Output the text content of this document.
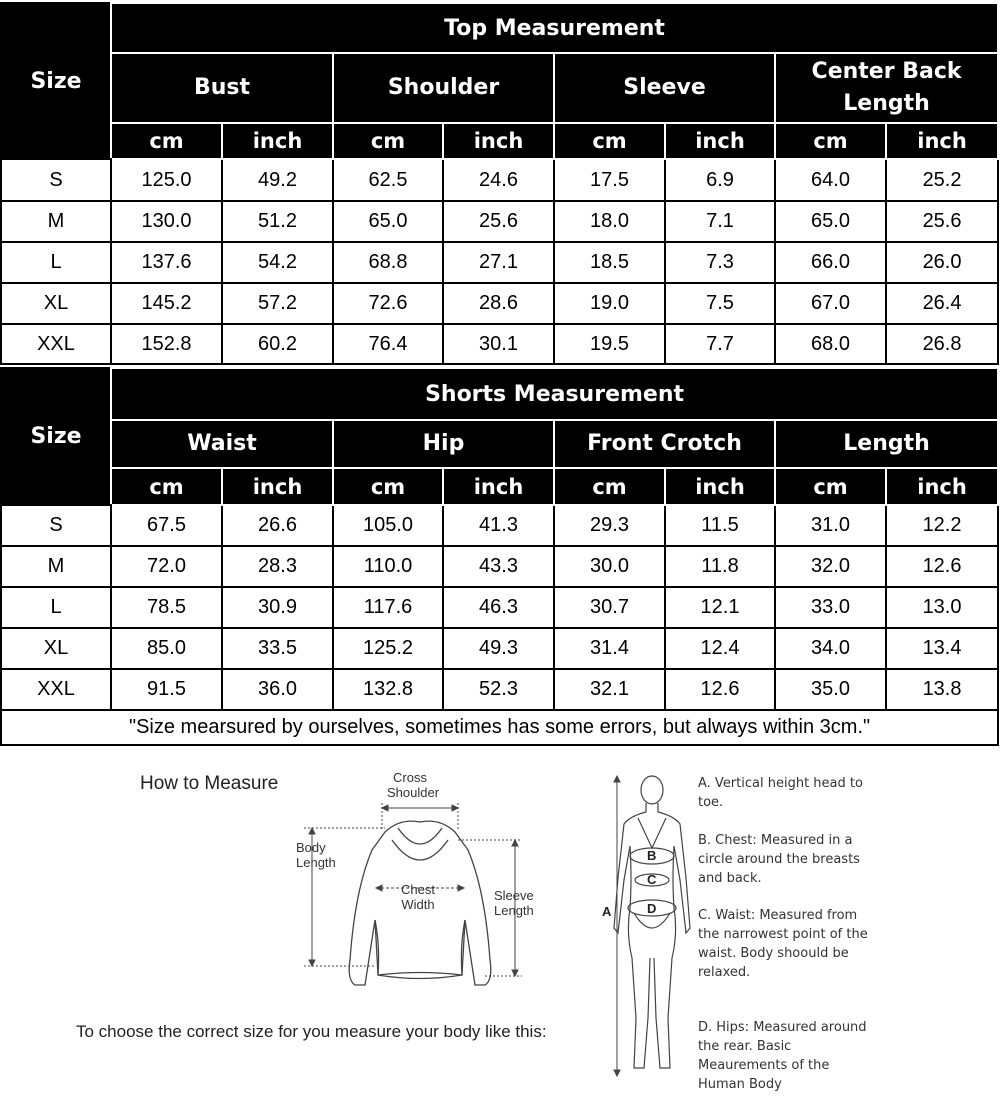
Size	Top Measurement							
	Bust		Shoulder		Sleeve		Center Back Length	
	cm	inch	cm	inch	cm	inch	cm	inch
S	125.0	49.2	62.5	24.6	17.5	6.9	64.0	25.2
M	130.0	51.2	65.0	25.6	18.0	7.1	65.0	25.6
L	137.6	54.2	68.8	27.1	18.5	7.3	66.0	26.0
XL	145.2	57.2	72.6	28.6	19.0	7.5	67.0	26.4
XXL	152.8	60.2	76.4	30.1	19.5	7.7	68.0	26.8
Size	Shorts Measurement							
	Waist		Hip		Front Crotch		Length	
	cm	inch	cm	inch	cm	inch	cm	inch
S	67.5	26.6	105.0	41.3	29.3	11.5	31.0	12.2
M	72.0	28.3	110.0	43.3	30.0	11.8	32.0	12.6
L	78.5	30.9	117.6	46.3	30.7	12.1	33.0	13.0
XL	85.0	33.5	125.2	49.3	31.4	12.4	34.0	13.4
XXL	91.5	36.0	132.8	52.3	32.1	12.6	35.0	13.8
"Size mearsured by ourselves, sometimes has some errors, but always within 3cm."								
How to Measure
To choose the correct size for you measure your body like this:
Cross
Shoulder
Body
Length
Chest
Width
Sleeve
Length	A
B
C
D
A. Vertical height head to toe.
B. Chest: Measured in a circle around the breasts and back.
C. Waist: Measured from the narrowest point of the waist. Body shoould be relaxed.
D. Hips: Measured around the rear. Basic Meaurements of the Human Body
